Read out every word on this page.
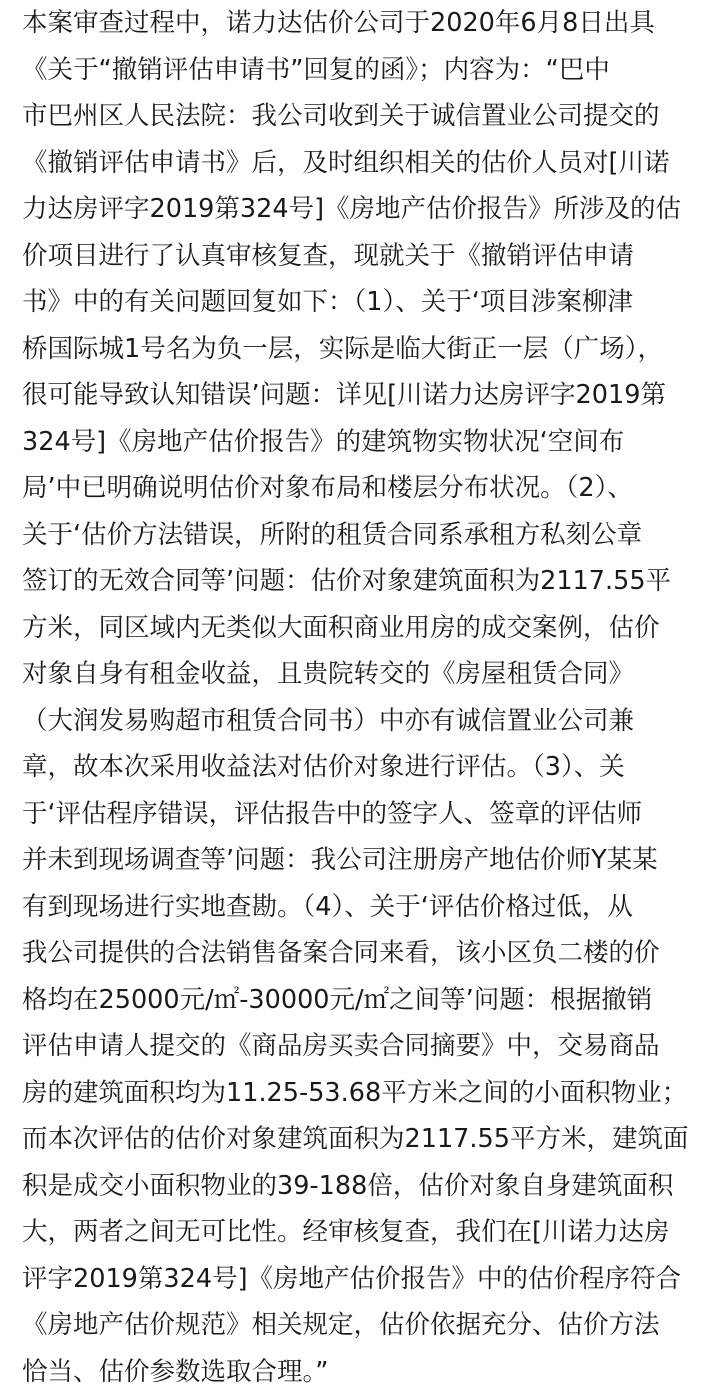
本案审查过程中，诺力达估价公司于2020年6月8日出具
《关于“撤销评估申请书”回复的函》；内容为：“巴中
市巴州区人民法院：我公司收到关于诚信置业公司提交的
《撤销评估申请书》后，及时组织相关的估价人员对[川诺
力达房评字2019第324号]《房地产估价报告》所涉及的估
价项目进行了认真审核复查，现就关于《撤销评估申请
书》中的有关问题回复如下：（1）、关于‘项目涉案柳津
桥国际城1号名为负一层，实际是临大街正一层（广场），
很可能导致认知错误’问题：详见[川诺力达房评字2019第
324号]《房地产估价报告》的建筑物实物状况‘空间布
局’中已明确说明估价对象布局和楼层分布状况。（2）、
关于‘估价方法错误，所附的租赁合同系承租方私刻公章
签订的无效合同等’问题：估价对象建筑面积为2117.55平
方米，同区域内无类似大面积商业用房的成交案例，估价
对象自身有租金收益，且贵院转交的《房屋租赁合同》
（大润发易购超市租赁合同书）中亦有诚信置业公司兼
章，故本次采用收益法对估价对象进行评估。（3）、关
于‘评估程序错误，评估报告中的签字人、签章的评估师
并未到现场调查等’问题：我公司注册房产地估价师Y某某
有到现场进行实地查勘。（4）、关于‘评估价格过低，从
我公司提供的合法销售备案合同来看，该小区负二楼的价
格均在25000元/㎡-30000元/㎡之间等’问题：根据撤销
评估申请人提交的《商品房买卖合同摘要》中，交易商品
房的建筑面积均为11.25-53.68平方米之间的小面积物业；
而本次评估的估价对象建筑面积为2117.55平方米，建筑面
积是成交小面积物业的39-188倍，估价对象自身建筑面积
大，两者之间无可比性。经审核复查，我们在[川诺力达房
评字2019第324号]《房地产估价报告》中的估价程序符合
《房地产估价规范》相关规定，估价依据充分、估价方法
恰当、估价参数选取合理。”
